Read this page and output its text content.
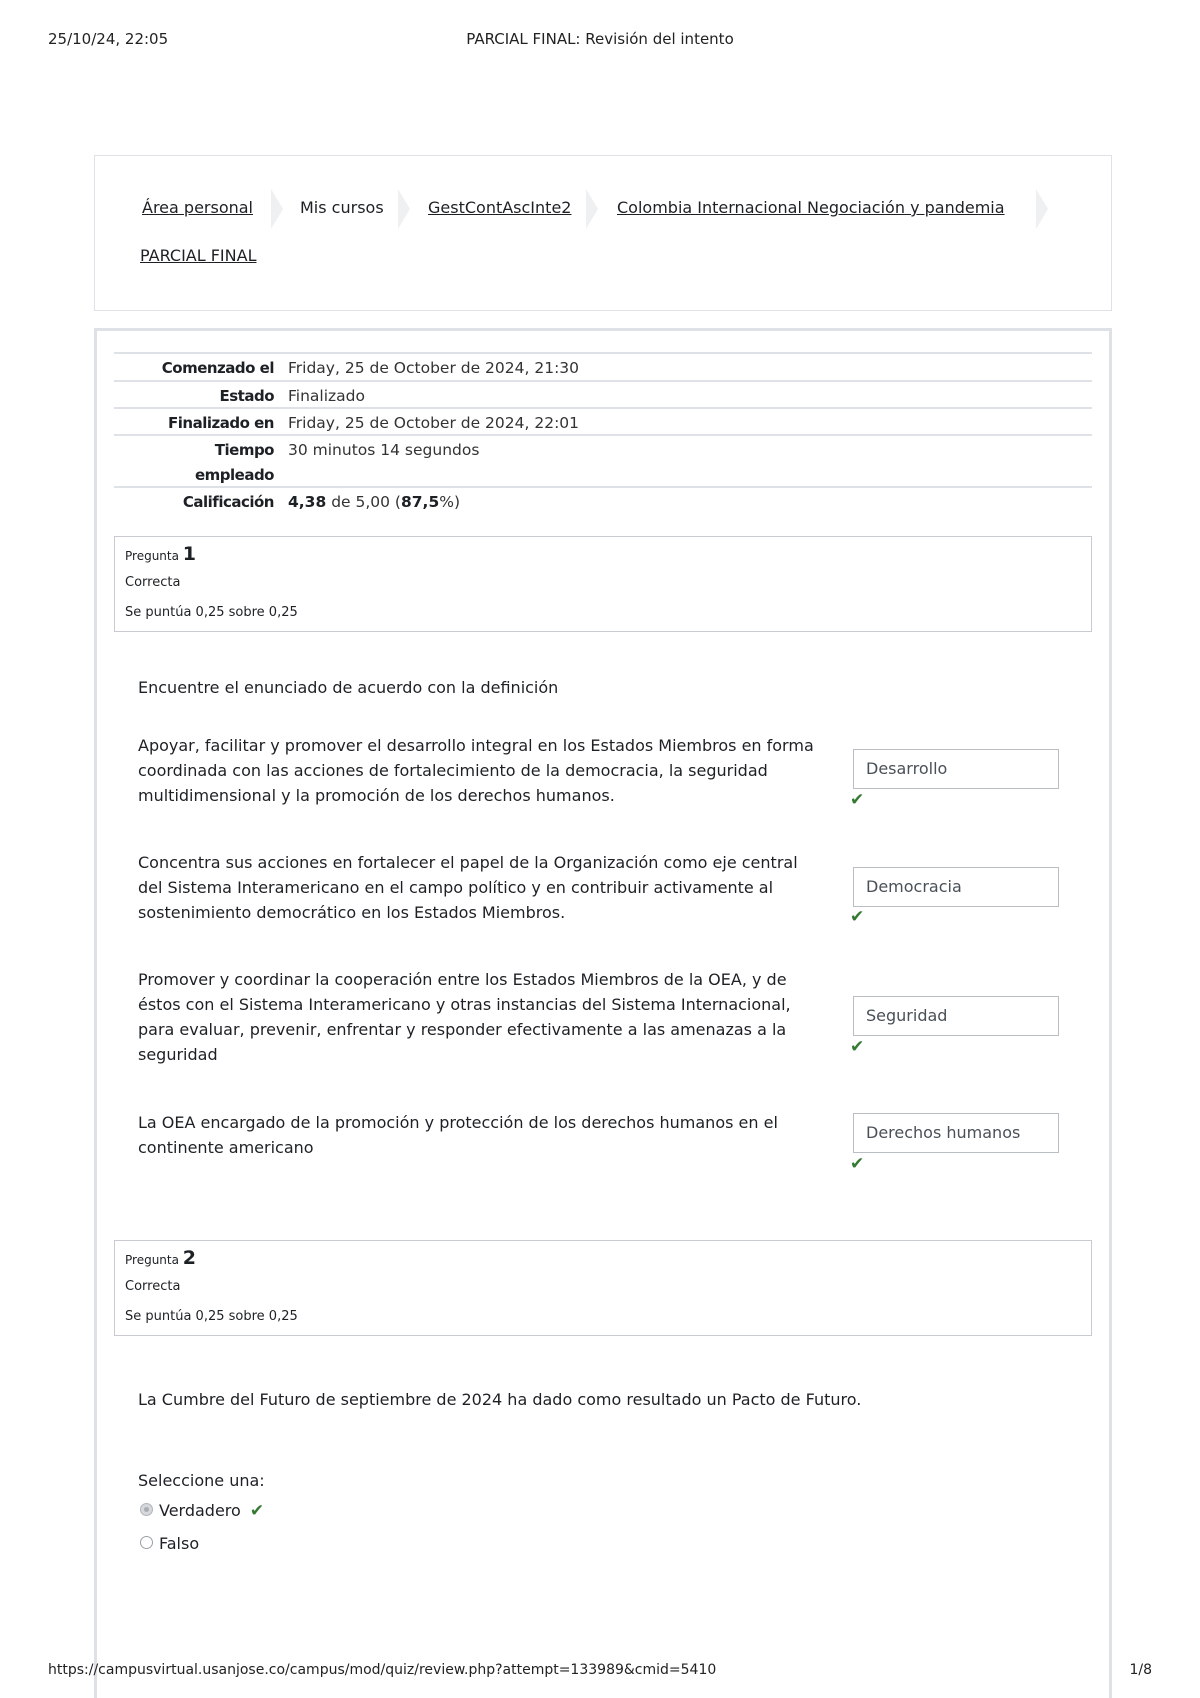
25/10/24, 22:05	PARCIAL FINAL: Revisión del intento
Área personal	Mis cursos	GestContAscInte2	Colombia Internacional Negociación y pandemia
PARCIAL FINAL
Comenzado el Friday, 25 de October de 2024, 21:30
Estado Finalizado
Finalizado en Friday, 25 de October de 2024, 22:01
Tiempo
empleado
30 minutos 14 segundos
Calificación 4,38 de 5,00 (87,5%)
Pregunta 1
Correcta
Se puntúa 0,25 sobre 0,25
Encuentre el enunciado de acuerdo con la definición
Apoyar, facilitar y promover el desarrollo integral en los Estados Miembros en forma
coordinada con las acciones de fortalecimiento de la democracia, la seguridad
multidimensional y la promoción de los derechos humanos.
Desarrollo
✔
Concentra sus acciones en fortalecer el papel de la Organización como eje central
del Sistema Interamericano en el campo político y en contribuir activamente al
sostenimiento democrático en los Estados Miembros.
Democracia
✔
Promover y coordinar la cooperación entre los Estados Miembros de la OEA, y de
éstos con el Sistema Interamericano y otras instancias del Sistema Internacional,
para evaluar, prevenir, enfrentar y responder efectivamente a las amenazas a la
seguridad
Seguridad
✔
La OEA encargado de la promoción y protección de los derechos humanos en el
continente americano
Derechos humanos
✔
Pregunta 2
Correcta
Se puntúa 0,25 sobre 0,25
La Cumbre del Futuro de septiembre de 2024 ha dado como resultado un Pacto de Futuro.
Seleccione una:
Verdadero ✔
Falso
https://campusvirtual.usanjose.co/campus/mod/quiz/review.php?attempt=133989&cmid=5410	1/8
